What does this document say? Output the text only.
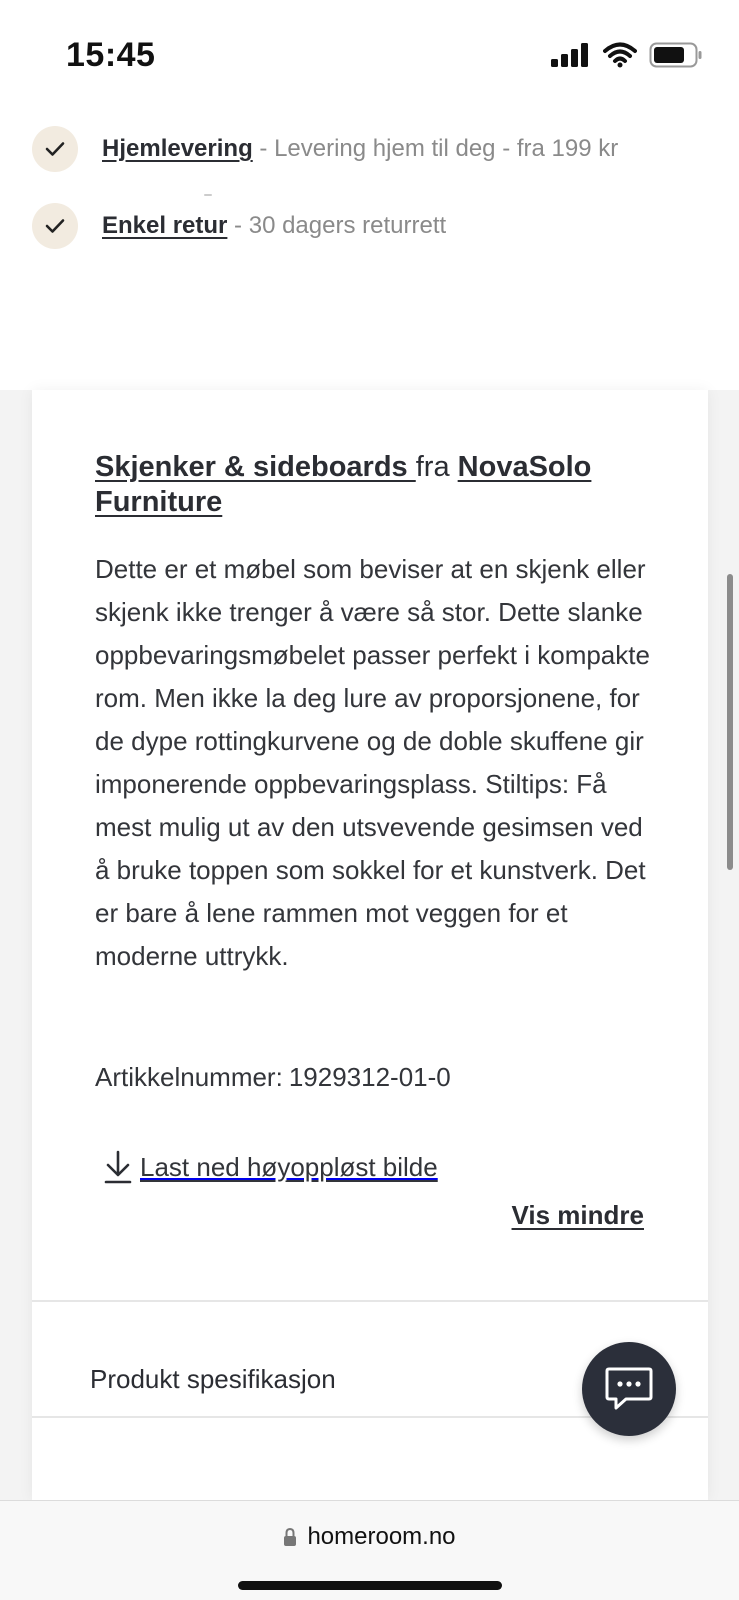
15:45
Hjemlevering - Levering hjem til deg - fra 199 kr
Enkel retur - 30 dagers returrett
Skjenker & sideboards fra NovaSolo Furniture

Dette er et møbel som beviser at en skjenk eller skjenk ikke trenger å være så stor. Dette slanke oppbevaringsmøbelet passer perfekt i kompakte rom. Men ikke la deg lure av proporsjonene, for de dype rottingkurvene og de doble skuffene gir imponerende oppbevaringsplass. Stiltips: Få mest mulig ut av den utsvevende gesimsen ved å bruke toppen som sokkel for et kunstverk. Det er bare å lene rammen mot veggen for et moderne uttrykk.

Artikkelnummer: 1929312-01-0
Last ned høyoppløst bilde
Vis mindre
Produkt spesifikasjon
homeroom.no
